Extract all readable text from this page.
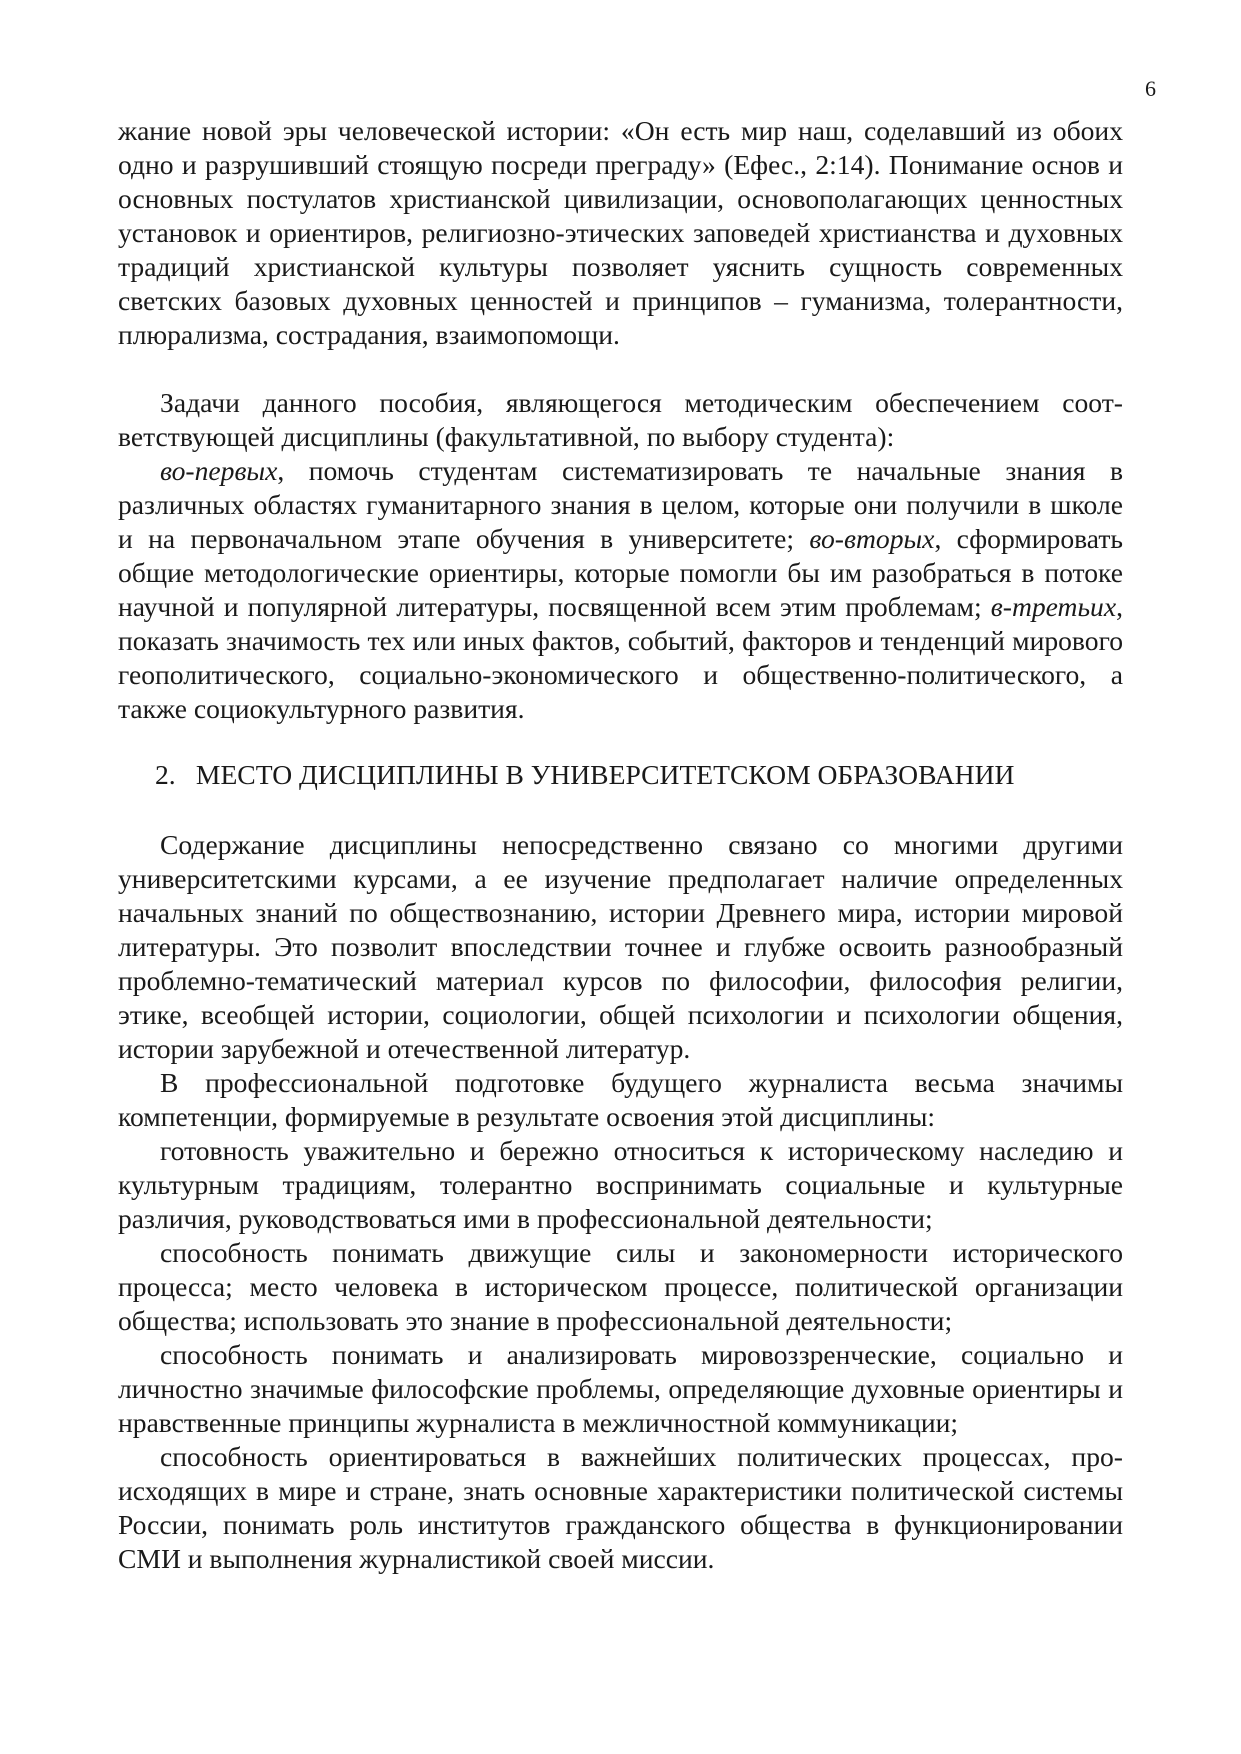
6

жание новой эры человеческой истории: «Он есть мир наш, соделавший из обоих одно и разрушивший стоящую посреди преграду» (Ефес., 2:14). Понимание основ и основных постулатов христианской цивилизации, основополагающих ценностных установок и ориентиров, религиозно-этических заповедей христианства и духовных традиций христианской культуры позволяет уяснить сущность современных светских базовых духовных ценностей и принципов – гуманизма, толерантности, плюрализма, сострадания, взаимопомощи.

Задачи данного пособия, являющегося методическим обеспечением соответствующей дисциплины (факультативной, по выбору студента):

во-первых, помочь студентам систематизировать те начальные знания в различных областях гуманитарного знания в целом, которые они получили в школе и на первоначальном этапе обучения в университете; во-вторых, сформировать общие методологические ориентиры, которые помогли бы им разобраться в потоке научной и популярной литературы, посвященной всем этим проблемам; в-третьих, показать значимость тех или иных фактов, событий, факторов и тенденций мирового геополитического, социально-экономического и общественно-политического, а также социокультурного развития.

2. МЕСТО ДИСЦИПЛИНЫ В УНИВЕРСИТЕТСКОМ ОБРАЗОВАНИИ

Содержание дисциплины непосредственно связано со многими другими университетскими курсами, а ее изучение предполагает наличие определенных начальных знаний по обществознанию, истории Древнего мира, истории мировой литературы. Это позволит впоследствии точнее и глубже освоить разнообразный проблемно-тематический материал курсов по философии, философия религии, этике, всеобщей истории, социологии, общей психологии и психологии общения, истории зарубежной и отечественной литератур.

В профессиональной подготовке будущего журналиста весьма значимы компетенции, формируемые в результате освоения этой дисциплины:

готовность уважительно и бережно относиться к историческому наследию и культурным традициям, толерантно воспринимать социальные и культурные различия, руководствоваться ими в профессиональной деятельности;

способность понимать движущие силы и закономерности исторического процесса; место человека в историческом процессе, политической организации общества; использовать это знание в профессиональной деятельности;

способность понимать и анализировать мировоззренческие, социально и личностно значимые философские проблемы, определяющие духовные ориентиры и нравственные принципы журналиста в межличностной коммуникации;

способность ориентироваться в важнейших политических процессах, происходящих в мире и стране, знать основные характеристики политической системы России, понимать роль институтов гражданского общества в функционировании СМИ и выполнения журналистикой своей миссии.
